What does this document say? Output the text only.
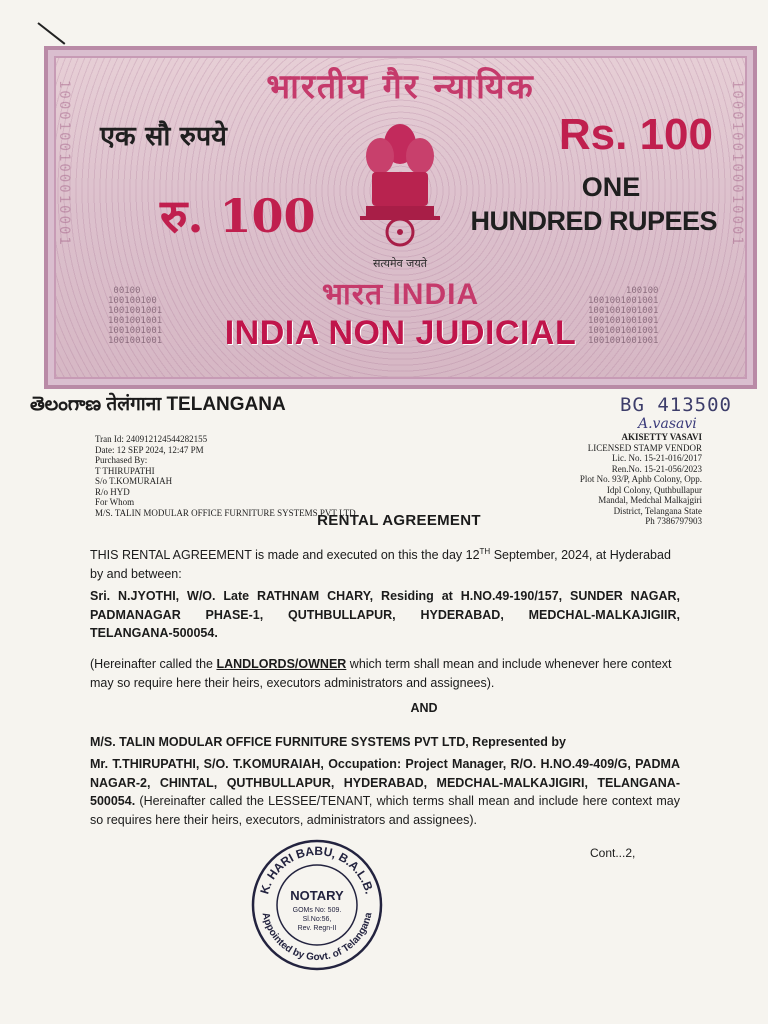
1000100100010001	1000100100010001
भारतीय गैर न्यायिक
एक सौ रुपये	Rs. 100
रु. 100
ONE
HUNDRED RUPEES
सत्यमेव जयते

00100
100100100
1001001001
1001001001
1001001001
1001001001

100100
1001001001001
1001001001001
1001001001001
1001001001001
1001001001001
भारत INDIA
INDIA NON JUDICIAL
తెలంగాణ तेलंगाना TELANGANA	BG 413500
A.vasavi
Tran Id: 240912124544282155
Date: 12 SEP 2024, 12:47 PM
Purchased By:
T THIRUPATHI
S/o T.KOMURAIAH
R/o HYD
For Whom
M/S. TALIN MODULAR OFFICE FURNITURE SYSTEMS PVT LTD
AKISETTY VASAVI
LICENSED STAMP VENDOR
Lic. No. 15-21-016/2017
Ren.No. 15-21-056/2023
Plot No. 93/P, Aphb Colony, Opp.
Idpl Colony, Quthbullapur
Mandal, Medchal Malkajgiri
District, Telangana State
Ph 7386797903
RENTAL AGREEMENT
THIS RENTAL AGREEMENT is made and executed on this the day 12TH September, 2024, at Hyderabad by and between:
Sri. N.JYOTHI, W/O. Late RATHNAM CHARY, Residing at H.NO.49-190/157, SUNDER NAGAR, PADMANAGAR PHASE-1, QUTHBULLAPUR, HYDERABAD, MEDCHAL-MALKAJIGIIR, TELANGANA-500054.
(Hereinafter called the LANDLORDS/OWNER which term shall mean and include whenever here context may so require here their heirs, executors administrators and assignees).
AND
M/S. TALIN MODULAR OFFICE FURNITURE SYSTEMS PVT LTD, Represented by
Mr. T.THIRUPATHI, S/O. T.KOMURAIAH, Occupation: Project Manager, R/O. H.NO.49-409/G, PADMA NAGAR-2, CHINTAL, QUTHBULLAPUR, HYDERABAD, MEDCHAL-MALKAJIGIRI, TELANGANA-500054. (Hereinafter called the LESSEE/TENANT, which terms shall mean and include here context may so requires here their heirs, executors, administrators and assignees).
Cont...2,
K. HARI BABU, B.A.L.B.
Appointed by Govt. of Telangana
NOTARY
GOMs No: 509.
Sl.No:56,
Rev. Regn-II
